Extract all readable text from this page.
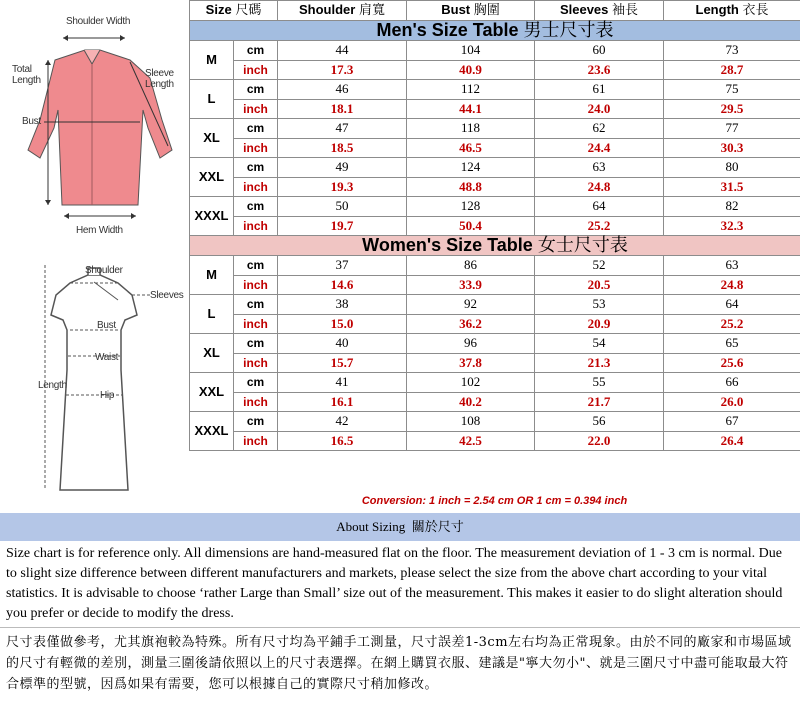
Shoulder Width
Total
Length
Sleeve
Length
Bust
Hem Width
Shoulder
Sleeves
Bust
Waist
Length
Hip
Size 尺碼		Shoulder 肩寬	Bust 胸圍	Sleeves 袖長	Length 衣長
Men's Size Table 男士尺寸表					
M	cm	44	104	60	73
	inch	17.3	40.9	23.6	28.7
L	cm	46	112	61	75
	inch	18.1	44.1	24.0	29.5
XL	cm	47	118	62	77
	inch	18.5	46.5	24.4	30.3
XXL	cm	49	124	63	80
	inch	19.3	48.8	24.8	31.5
XXXL	cm	50	128	64	82
	inch	19.7	50.4	25.2	32.3
Women's Size Table 女士尺寸表					
M	cm	37	86	52	63
	inch	14.6	33.9	20.5	24.8
L	cm	38	92	53	64
	inch	15.0	36.2	20.9	25.2
XL	cm	40	96	54	65
	inch	15.7	37.8	21.3	25.6
XXL	cm	41	102	55	66
	inch	16.1	40.2	21.7	26.0
XXXL	cm	42	108	56	67
	inch	16.5	42.5	22.0	26.4
Conversion: 1 inch = 2.54 cm OR 1 cm = 0.394 inch
About Sizing 關於尺寸
Size chart is for reference only. All dimensions are hand-measured flat on the floor. The measurement deviation of 1 - 3 cm is normal. Due to slight size difference between different manufacturers and markets, please select the size from the above chart according to your vital statistics. It is advisable to choose ‘rather Large than Small’ size out of the measurement. This makes it easier to do slight alteration should you prefer or decide to modify the dress.
尺寸表僅做參考，尤其旗袍較為特殊。所有尺寸均為平鋪手工測量，尺寸誤差1-3cm左右均為正常現象。由於不同的廠家和市場區域的尺寸有輕微的差別，測量三圍後請依照以上的尺寸表選擇。在網上購買衣服、建議是"寧大勿小"、就是三圍尺寸中盡可能取最大符合標準的型號，因爲如果有需要，您可以根據自己的實際尺寸稍加修改。
